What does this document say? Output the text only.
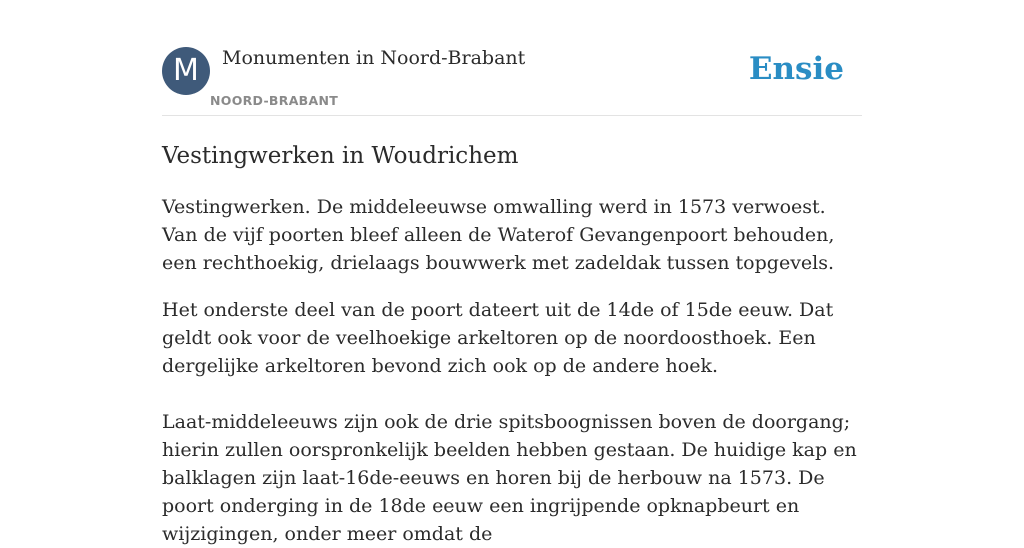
M	Monumenten in Noord-Brabant
NOORD-BRABANT
Ensie
Vestingwerken in Woudrichem

Vestingwerken. De middeleeuwse omwalling werd in 1573 verwoest. Van de vijf poorten bleef alleen de Waterof Gevangenpoort behouden, een rechthoekig, drielaags bouwwerk met zadeldak tussen topgevels.

Het onderste deel van de poort dateert uit de 14de of 15de eeuw. Dat geldt ook voor de veelhoekige arkeltoren op de noordoosthoek. Een dergelijke arkeltoren bevond zich ook op de andere hoek.

Laat-middeleeuws zijn ook de drie spitsboognissen boven de doorgang; hierin zullen oorspronkelijk beelden hebben gestaan. De huidige kap en balklagen zijn laat-16de-eeuws en horen bij de herbouw na 1573. De poort onderging in de 18de eeuw een ingrijpende opknapbeurt en wijzigingen, onder meer omdat de
